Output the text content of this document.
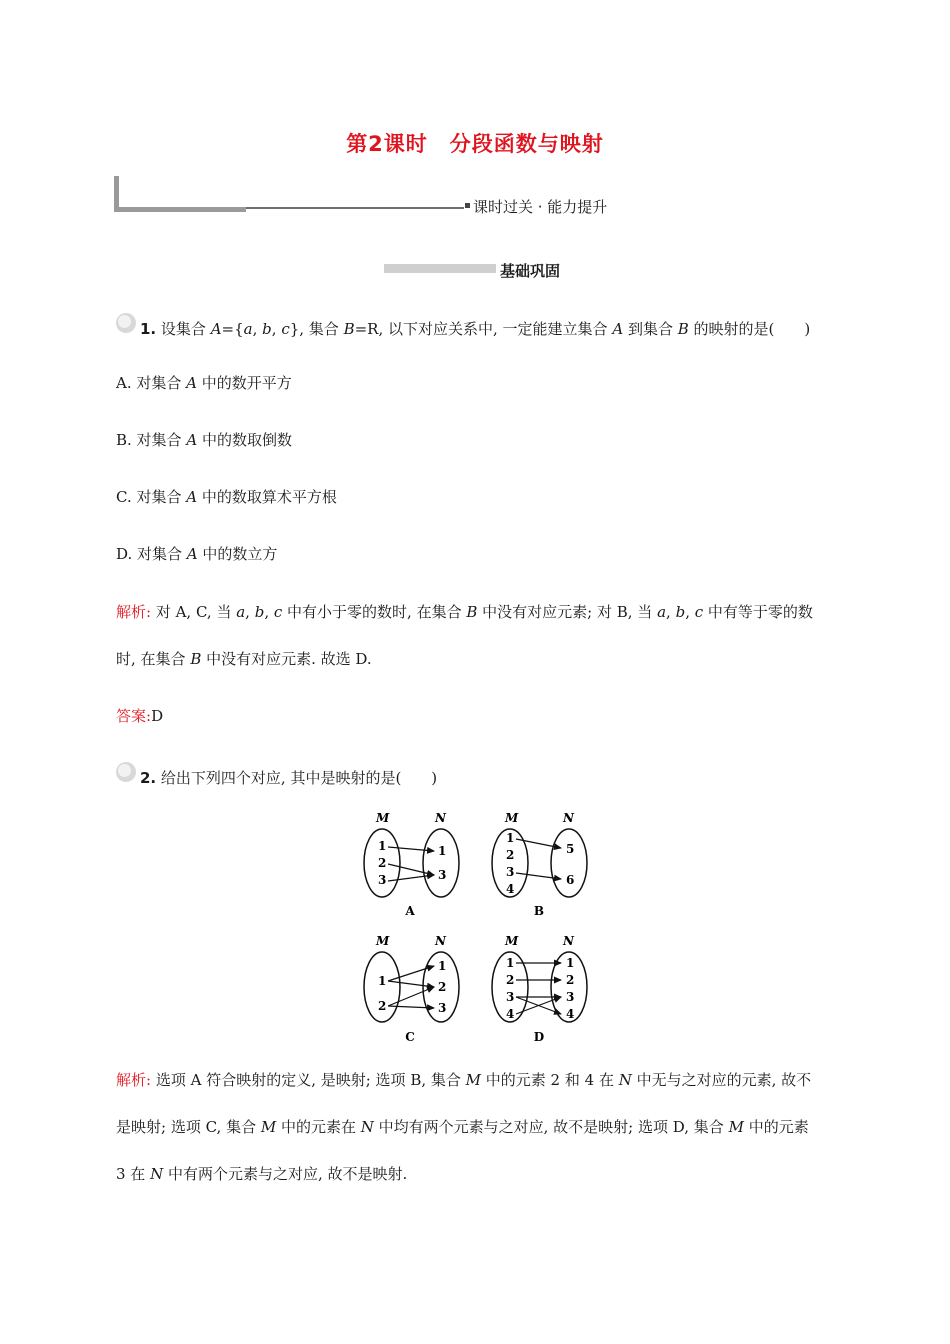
第2课时　分段函数与映射
课时过关 · 能力提升
基础巩固
1. 设集合 A={a, b, c}, 集合 B=R, 以下对应关系中, 一定能建立集合 A 到集合 B 的映射的是(　　)
A. 对集合 A 中的数开平方
B. 对集合 A 中的数取倒数
C. 对集合 A 中的数取算术平方根
D. 对集合 A 中的数立方
解析: 对 A, C, 当 a, b, c 中有小于零的数时, 在集合 B 中没有对应元素; 对 B, 当 a, b, c 中有等于零的数
时, 在集合 B 中没有对应元素. 故选 D.
答案:D
2. 给出下列四个对应, 其中是映射的是(　　)
M	N
1
2
3
1
3
A
M	N
1
2
3
4
5
6
B
M	N
1
2
1
2
3
C
M	N
1
2
3
4
1
2
3
4
D
解析: 选项 A 符合映射的定义, 是映射; 选项 B, 集合 M 中的元素 2 和 4 在 N 中无与之对应的元素, 故不
是映射; 选项 C, 集合 M 中的元素在 N 中均有两个元素与之对应, 故不是映射; 选项 D, 集合 M 中的元素
3 在 N 中有两个元素与之对应, 故不是映射.
